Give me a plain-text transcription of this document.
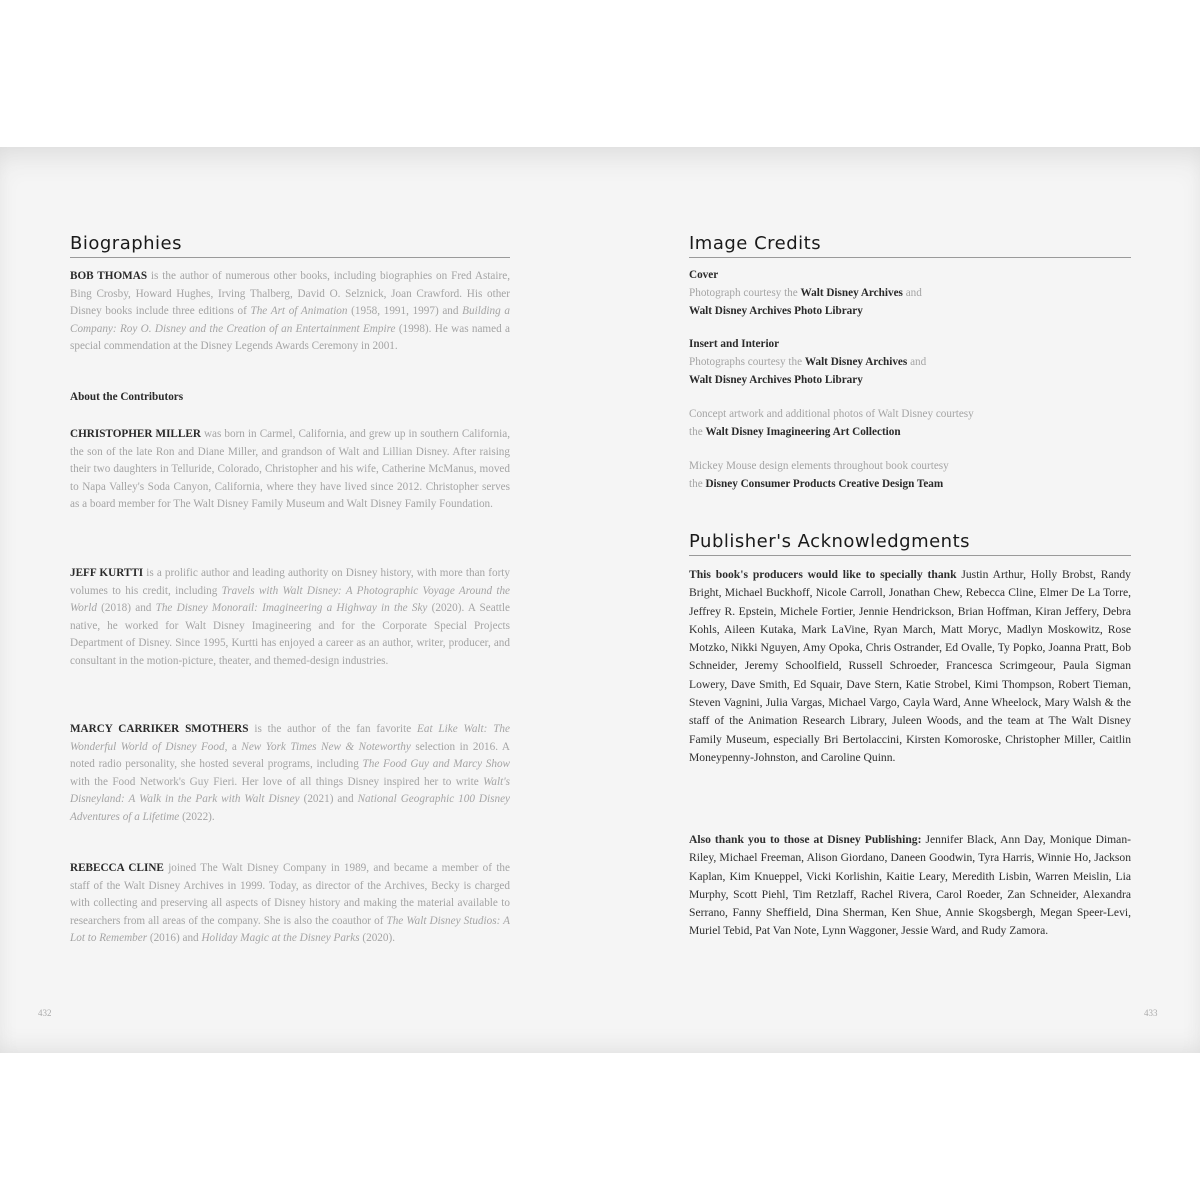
Biographies

BOB THOMAS is the author of numerous other books, including biographies on Fred Astaire, Bing Crosby, Howard Hughes, Irving Thalberg, David O. Selznick, Joan Crawford. His other Disney books include three editions of The Art of Animation (1958, 1991, 1997) and Building a Company: Roy O. Disney and the Creation of an Entertainment Empire (1998). He was named a special commendation at the Disney Legends Awards Ceremony in 2001.

About the Contributors

CHRISTOPHER MILLER was born in Carmel, California, and grew up in southern California, the son of the late Ron and Diane Miller, and grandson of Walt and Lillian Disney. After raising their two daughters in Telluride, Colorado, Christopher and his wife, Catherine McManus, moved to Napa Valley's Soda Canyon, California, where they have lived since 2012. Christopher serves as a board member for The Walt Disney Family Museum and Walt Disney Family Foundation.

JEFF KURTTI is a prolific author and leading authority on Disney history, with more than forty volumes to his credit, including Travels with Walt Disney: A Photographic Voyage Around the World (2018) and The Disney Monorail: Imagineering a Highway in the Sky (2020). A Seattle native, he worked for Walt Disney Imagineering and for the Corporate Special Projects Department of Disney. Since 1995, Kurtti has enjoyed a career as an author, writer, producer, and consultant in the motion-picture, theater, and themed-design industries.

MARCY CARRIKER SMOTHERS is the author of the fan favorite Eat Like Walt: The Wonderful World of Disney Food, a New York Times New & Noteworthy selection in 2016. A noted radio personality, she hosted several programs, including The Food Guy and Marcy Show with the Food Network's Guy Fieri. Her love of all things Disney inspired her to write Walt's Disneyland: A Walk in the Park with Walt Disney (2021) and National Geographic 100 Disney Adventures of a Lifetime (2022).

REBECCA CLINE joined The Walt Disney Company in 1989, and became a member of the staff of the Walt Disney Archives in 1999. Today, as director of the Archives, Becky is charged with collecting and preserving all aspects of Disney history and making the material available to researchers from all areas of the company. She is also the coauthor of The Walt Disney Studios: A Lot to Remember (2016) and Holiday Magic at the Disney Parks (2020).

432
Image Credits

Cover

Photograph courtesy the Walt Disney Archives and
Walt Disney Archives Photo Library

Insert and Interior

Photographs courtesy the Walt Disney Archives and
Walt Disney Archives Photo Library

Concept artwork and additional photos of Walt Disney courtesy
the Walt Disney Imagineering Art Collection

Mickey Mouse design elements throughout book courtesy
the Disney Consumer Products Creative Design Team

Publisher's Acknowledgments

This book's producers would like to specially thank Justin Arthur, Holly Brobst, Randy Bright, Michael Buckhoff, Nicole Carroll, Jonathan Chew, Rebecca Cline, Elmer De La Torre, Jeffrey R. Epstein, Michele Fortier, Jennie Hendrickson, Brian Hoffman, Kiran Jeffery, Debra Kohls, Aileen Kutaka, Mark LaVine, Ryan March, Matt Moryc, Madlyn Moskowitz, Rose Motzko, Nikki Nguyen, Amy Opoka, Chris Ostrander, Ed Ovalle, Ty Popko, Joanna Pratt, Bob Schneider, Jeremy Schoolfield, Russell Schroeder, Francesca Scrimgeour, Paula Sigman Lowery, Dave Smith, Ed Squair, Dave Stern, Katie Strobel, Kimi Thompson, Robert Tieman, Steven Vagnini, Julia Vargas, Michael Vargo, Cayla Ward, Anne Wheelock, Mary Walsh & the staff of the Animation Research Library, Juleen Woods, and the team at The Walt Disney Family Museum, especially Bri Bertolaccini, Kirsten Komoroske, Christopher Miller, Caitlin Moneypenny-Johnston, and Caroline Quinn.

Also thank you to those at Disney Publishing: Jennifer Black, Ann Day, Monique Diman-Riley, Michael Freeman, Alison Giordano, Daneen Goodwin, Tyra Harris, Winnie Ho, Jackson Kaplan, Kim Knueppel, Vicki Korlishin, Kaitie Leary, Meredith Lisbin, Warren Meislin, Lia Murphy, Scott Piehl, Tim Retzlaff, Rachel Rivera, Carol Roeder, Zan Schneider, Alexandra Serrano, Fanny Sheffield, Dina Sherman, Ken Shue, Annie Skogsbergh, Megan Speer-Levi, Muriel Tebid, Pat Van Note, Lynn Waggoner, Jessie Ward, and Rudy Zamora.

433
